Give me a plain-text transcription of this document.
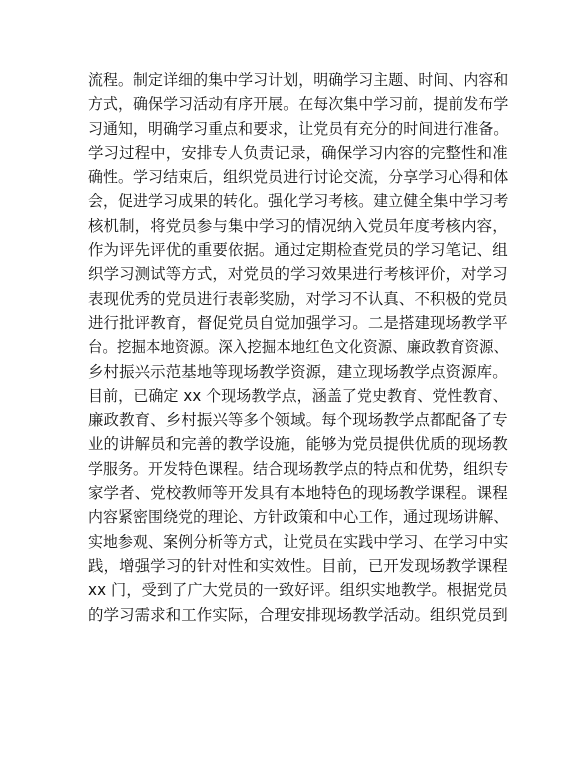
流程。制定详细的集中学习计划，明确学习主题、时间、内容和
方式，确保学习活动有序开展。在每次集中学习前，提前发布学
习通知，明确学习重点和要求，让党员有充分的时间进行准备。
学习过程中，安排专人负责记录，确保学习内容的完整性和准
确性。学习结束后，组织党员进行讨论交流，分享学习心得和体
会，促进学习成果的转化。强化学习考核。建立健全集中学习考
核机制，将党员参与集中学习的情况纳入党员年度考核内容，
作为评先评优的重要依据。通过定期检查党员的学习笔记、组
织学习测试等方式，对党员的学习效果进行考核评价，对学习
表现优秀的党员进行表彰奖励，对学习不认真、不积极的党员
进行批评教育，督促党员自觉加强学习。二是搭建现场教学平
台。挖掘本地资源。深入挖掘本地红色文化资源、廉政教育资源、
乡村振兴示范基地等现场教学资源，建立现场教学点资源库。
目前，已确定 xx 个现场教学点，涵盖了党史教育、党性教育、
廉政教育、乡村振兴等多个领域。每个现场教学点都配备了专
业的讲解员和完善的教学设施，能够为党员提供优质的现场教
学服务。开发特色课程。结合现场教学点的特点和优势，组织专
家学者、党校教师等开发具有本地特色的现场教学课程。课程
内容紧密围绕党的理论、方针政策和中心工作，通过现场讲解、
实地参观、案例分析等方式，让党员在实践中学习、在学习中实
践，增强学习的针对性和实效性。目前，已开发现场教学课程
xx 门，受到了广大党员的一致好评。组织实地教学。根据党员
的学习需求和工作实际，合理安排现场教学活动。组织党员到
